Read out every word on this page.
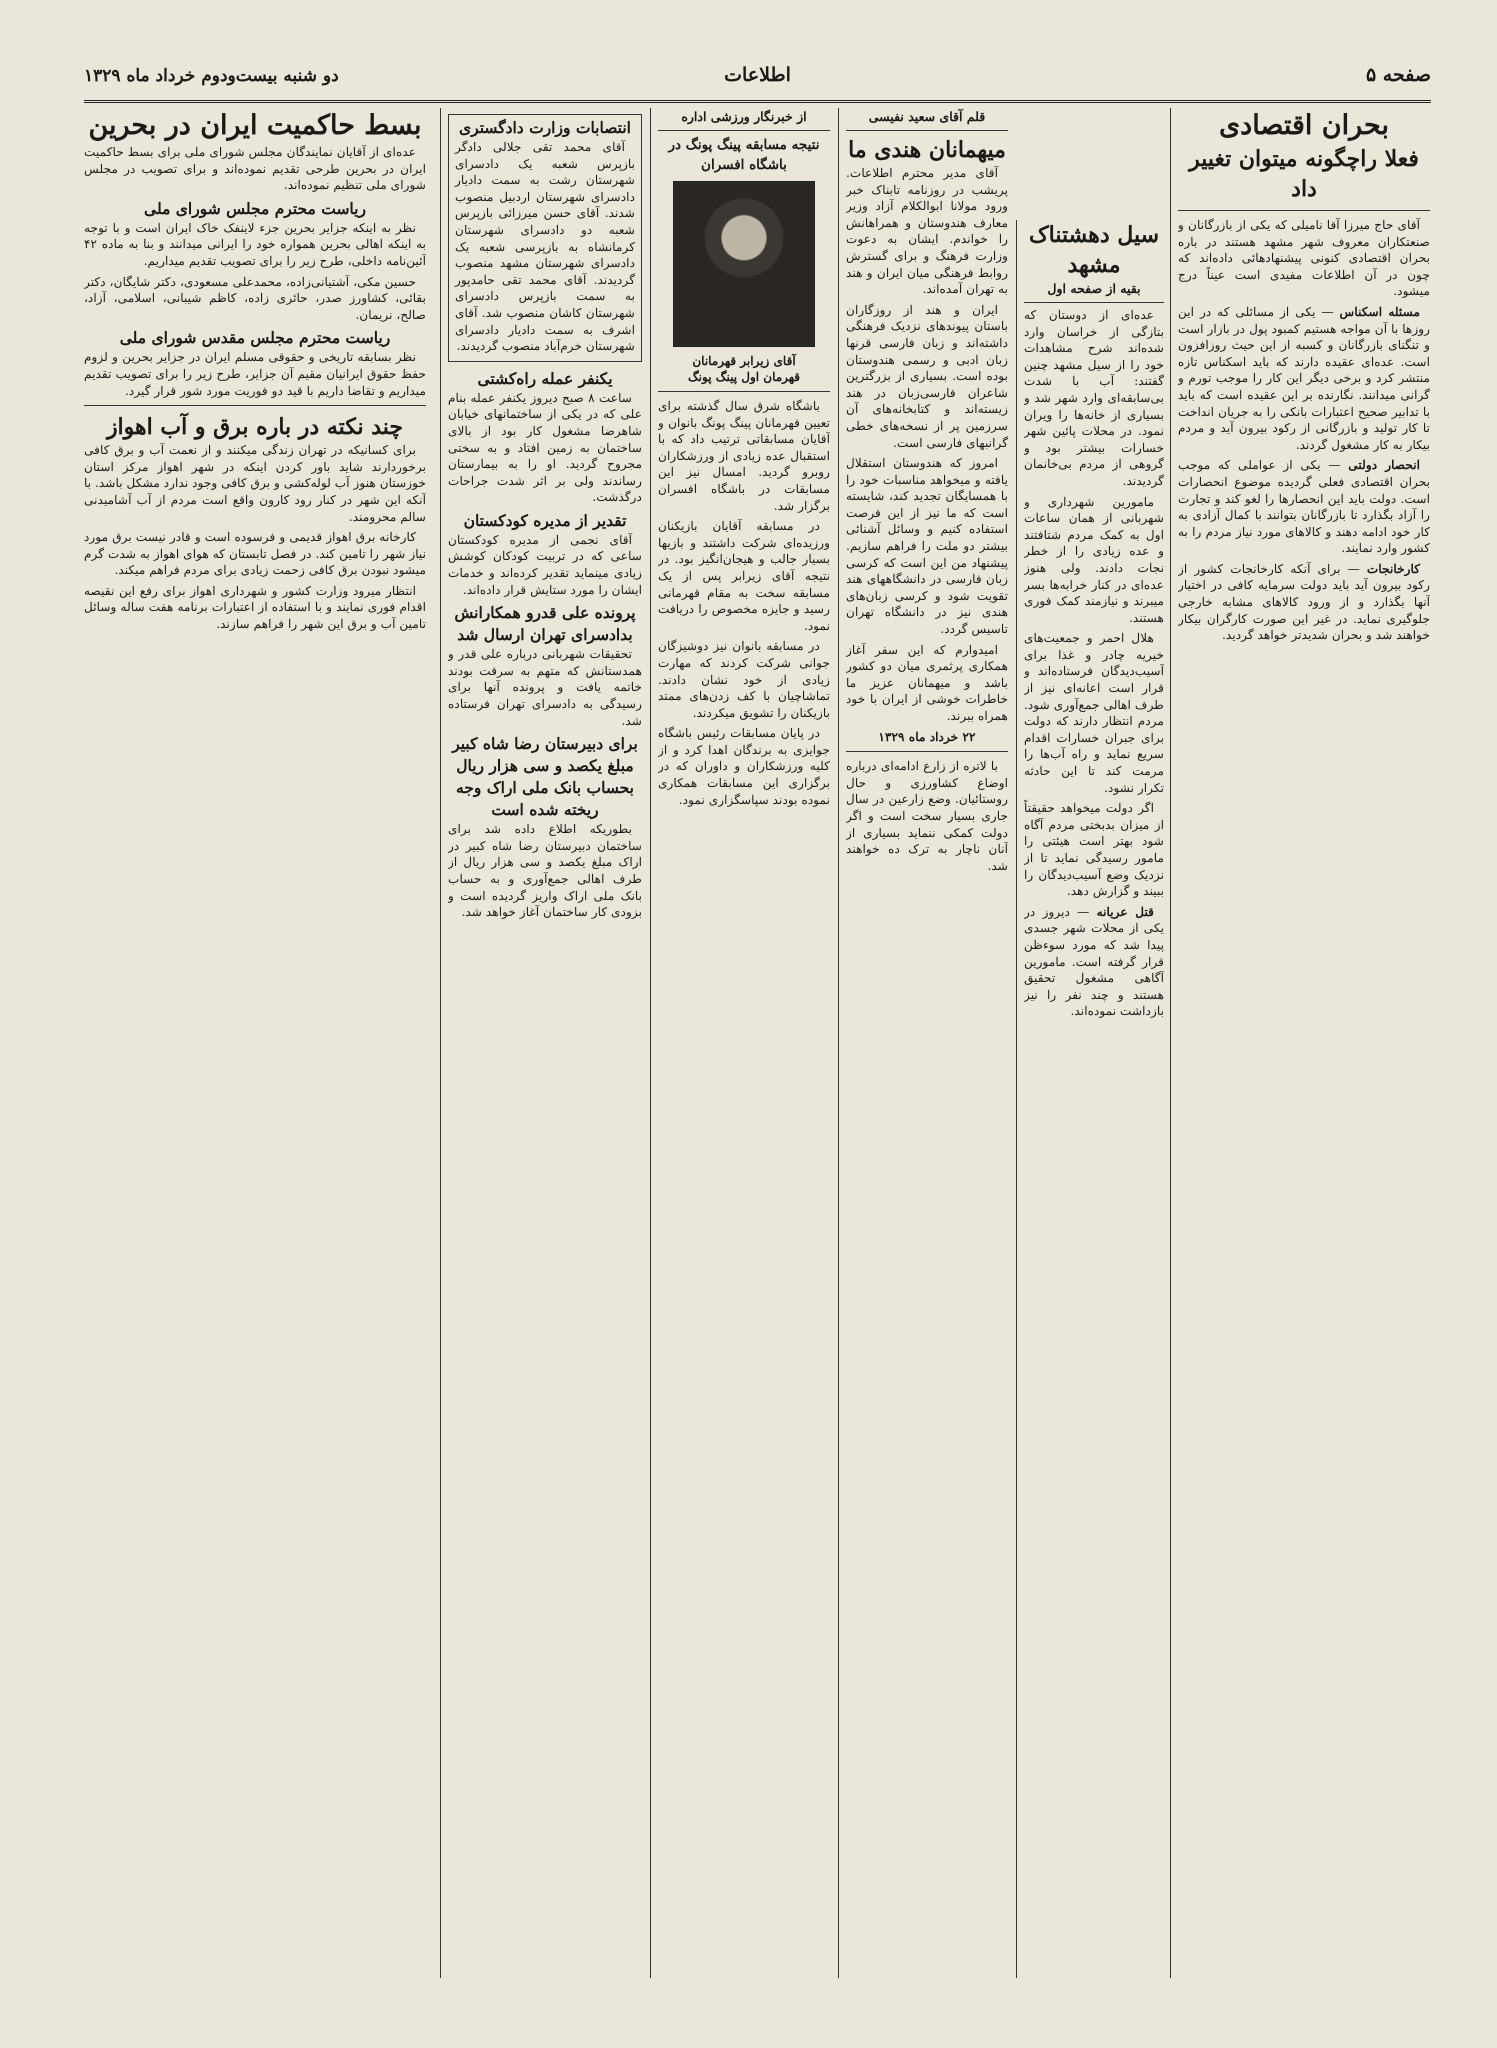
دو شنبه بیست‌ودوم خرداد ماه ۱۳۲۹	اطلاعات	صفحه ۵
بحران اقتصادی
فعلا راچگونه میتوان تغییر داد

آقای حاج میرزا آقا نامیلی که یکی از بازرگانان و صنعتکاران معروف شهر مشهد هستند در باره بحران اقتصادی کنونی پیشنهادهائی داده‌اند که چون در آن اطلاعات مفیدی است عیناً درج میشود.

مسئله اسکناس — یکی از مسائلی که در این روزها با آن مواجه هستیم کمبود پول در بازار است و تنگنای بازرگانان و کسبه از این حیث روزافزون است. عده‌ای عقیده دارند که باید اسکناس تازه منتشر کرد و برخی دیگر این کار را موجب تورم و گرانی میدانند. نگارنده بر این عقیده است که باید با تدابیر صحیح اعتبارات بانکی را به جریان انداخت تا کار تولید و بازرگانی از رکود بیرون آید و مردم بیکار به کار مشغول گردند.

انحصار دولتی — یکی از عواملی که موجب بحران اقتصادی فعلی گردیده موضوع انحصارات است. دولت باید این انحصارها را لغو کند و تجارت را آزاد بگذارد تا بازرگانان بتوانند با کمال آزادی به کار خود ادامه دهند و کالاهای مورد نیاز مردم را به کشور وارد نمایند.

کارخانجات — برای آنکه کارخانجات کشور از رکود بیرون آید باید دولت سرمایه کافی در اختیار آنها بگذارد و از ورود کالاهای مشابه خارجی جلوگیری نماید. در غیر این صورت کارگران بیکار خواهند شد و بحران شدیدتر خواهد گردید.

سیل دهشتناک مشهد
بقیه از صفحه اول

عده‌ای از دوستان که بتازگی از خراسان وارد شده‌اند شرح مشاهدات خود را از سیل مشهد چنین گفتند: آب با شدت بی‌سابقه‌ای وارد شهر شد و بسیاری از خانه‌ها را ویران نمود. در محلات پائین شهر خسارات بیشتر بود و گروهی از مردم بی‌خانمان گردیدند.

مامورین شهرداری و شهربانی از همان ساعات اول به کمک مردم شتافتند و عده زیادی را از خطر نجات دادند. ولی هنوز عده‌ای در کنار خرابه‌ها بسر میبرند و نیازمند کمک فوری هستند.

هلال احمر و جمعیت‌های خیریه چادر و غذا برای آسیب‌دیدگان فرستاده‌اند و قرار است اعانه‌ای نیز از طرف اهالی جمع‌آوری شود. مردم انتظار دارند که دولت برای جبران خسارات اقدام سریع نماید و راه آب‌ها را مرمت کند تا این حادثه تکرار نشود.

اگر دولت میخواهد حقیقتاً از میزان بدبختی مردم آگاه شود بهتر است هیئتی را مامور رسیدگی نماید تا از نزدیک وضع آسیب‌دیدگان را ببیند و گزارش دهد.

قتل عریانه — دیروز در یکی از محلات شهر جسدی پیدا شد که مورد سوءظن قرار گرفته است. مامورین آگاهی مشغول تحقیق هستند و چند نفر را نیز بازداشت نموده‌اند.

قلم آقای سعید نفیسی
میهمانان هندی ما

آقای مدیر محترم اطلاعات. پریشب در روزنامه تابناک خبر ورود مولانا ابوالکلام آزاد وزیر معارف هندوستان و همراهانش را خواندم. ایشان به دعوت وزارت فرهنگ و برای گسترش روابط فرهنگی میان ایران و هند به تهران آمده‌اند.

ایران و هند از روزگاران باستان پیوندهای نزدیک فرهنگی داشته‌اند و زبان فارسی قرنها زبان ادبی و رسمی هندوستان بوده است. بسیاری از بزرگترین شاعران فارسی‌زبان در هند زیسته‌اند و کتابخانه‌های آن سرزمین پر از نسخه‌های خطی گرانبهای فارسی است.

امروز که هندوستان استقلال یافته و میخواهد مناسبات خود را با همسایگان تجدید کند، شایسته است که ما نیز از این فرصت استفاده کنیم و وسائل آشنائی بیشتر دو ملت را فراهم سازیم. پیشنهاد من این است که کرسی زبان فارسی در دانشگاههای هند تقویت شود و کرسی زبان‌های هندی نیز در دانشگاه تهران تاسیس گردد.

امیدوارم که این سفر آغاز همکاری پرثمری میان دو کشور باشد و میهمانان عزیز ما خاطرات خوشی از ایران با خود همراه ببرند.

۲۲ خرداد ماه ۱۳۲۹

با لاتره از زارع ادامه‌ای درباره اوضاع کشاورزی و حال روستائیان. وضع زارعین در سال جاری بسیار سخت است و اگر دولت کمکی ننماید بسیاری از آنان ناچار به ترک ده خواهند شد.

از خبرنگار ورزشی اداره
نتیجه مسابقه پینگ پونگ در باشگاه افسران
آقای زیرابر قهرمانان
قهرمان اول پینگ پونگ

باشگاه شرق سال گذشته برای تعیین قهرمانان پینگ پونگ بانوان و آقایان مسابقاتی ترتیب داد که با استقبال عده زیادی از ورزشکاران روبرو گردید. امسال نیز این مسابقات در باشگاه افسران برگزار شد.

در مسابقه آقایان بازیکنان ورزیده‌ای شرکت داشتند و بازیها بسیار جالب و هیجان‌انگیز بود. در نتیجه آقای زیرابر پس از یک مسابقه سخت به مقام قهرمانی رسید و جایزه مخصوص را دریافت نمود.

در مسابقه بانوان نیز دوشیزگان جوانی شرکت کردند که مهارت زیادی از خود نشان دادند. تماشاچیان با کف زدن‌های ممتد بازیکنان را تشویق میکردند.

در پایان مسابقات رئیس باشگاه جوایزی به برندگان اهدا کرد و از کلیه ورزشکاران و داوران که در برگزاری این مسابقات همکاری نموده بودند سپاسگزاری نمود.

انتصابات وزارت دادگستری

آقای محمد تقی جلالی دادگر بازپرس شعبه یک دادسرای شهرستان رشت به سمت دادیار دادسرای شهرستان اردبیل منصوب شدند. آقای حسن میرزائی بازپرس شعبه دو دادسرای شهرستان کرمانشاه به بازپرسی شعبه یک دادسرای شهرستان مشهد منصوب گردیدند. آقای محمد تقی حامدپور به سمت بازپرس دادسرای شهرستان کاشان منصوب شد. آقای اشرف به سمت دادیار دادسرای شهرستان خرم‌آباد منصوب گردیدند.

یکنفر عمله راه‌کشتی

ساعت ۸ صبح دیروز یکنفر عمله بنام علی که در یکی از ساختمانهای خیابان شاهرضا مشغول کار بود از بالای ساختمان به زمین افتاد و به سختی مجروح گردید. او را به بیمارستان رساندند ولی بر اثر شدت جراحات درگذشت.

تقدیر از مدیره کودکستان

آقای نجمی از مدیره کودکستان ساعی که در تربیت کودکان کوشش زیادی مینماید تقدیر کرده‌اند و خدمات ایشان را مورد ستایش قرار داده‌اند.

پرونده علی قدرو همکارانش بدادسرای تهران ارسال شد

تحقیقات شهربانی درباره علی قدر و همدستانش که متهم به سرقت بودند خاتمه یافت و پرونده آنها برای رسیدگی به دادسرای تهران فرستاده شد.

برای دبیرستان رضا شاه کبیر مبلغ یکصد و سی هزار ریال بحساب بانک ملی اراک وجه ریخته شده است

بطوریکه اطلاع داده شد برای ساختمان دبیرستان رضا شاه کبیر در اراک مبلغ یکصد و سی هزار ریال از طرف اهالی جمع‌آوری و به حساب بانک ملی اراک واریز گردیده است و بزودی کار ساختمان آغاز خواهد شد.

بسط حاکمیت ایران در بحرین

عده‌ای از آقایان نمایندگان مجلس شورای ملی برای بسط حاکمیت ایران در بحرین طرحی تقدیم نموده‌اند و برای تصویب در مجلس شورای ملی تنظیم نموده‌اند.

ریاست محترم مجلس شورای ملی

نظر به اینکه جزایر بحرین جزء لاینفک خاک ایران است و با توجه به اینکه اهالی بحرین همواره خود را ایرانی میدانند و بنا به ماده ۴۲ آئین‌نامه داخلی، طرح زیر را برای تصویب تقدیم میداریم.

حسین مکی، آشتیانی‌زاده، محمدعلی مسعودی، دکتر شایگان، دکتر بقائی، کشاورز صدر، حائری زاده، کاظم شیبانی، اسلامی، آزاد، صالح، نریمان.

ریاست محترم مجلس مقدس شورای ملی

نظر بسابقه تاریخی و حقوقی مسلم ایران در جزایر بحرین و لزوم حفظ حقوق ایرانیان مقیم آن جزایر، طرح زیر را برای تصویب تقدیم میداریم و تقاضا داریم با قید دو فوریت مورد شور قرار گیرد.

چند نکته در باره برق و آب اهواز

برای کسانیکه در تهران زندگی میکنند و از نعمت آب و برق کافی برخوردارند شاید باور کردن اینکه در شهر اهواز مرکز استان خوزستان هنوز آب لوله‌کشی و برق کافی وجود ندارد مشکل باشد. با آنکه این شهر در کنار رود کارون واقع است مردم از آب آشامیدنی سالم محرومند.

کارخانه برق اهواز قدیمی و فرسوده است و قادر نیست برق مورد نیاز شهر را تامین کند. در فصل تابستان که هوای اهواز به شدت گرم میشود نبودن برق کافی زحمت زیادی برای مردم فراهم میکند.

انتظار میرود وزارت کشور و شهرداری اهواز برای رفع این نقیصه اقدام فوری نمایند و با استفاده از اعتبارات برنامه هفت ساله وسائل تامین آب و برق این شهر را فراهم سازند.
